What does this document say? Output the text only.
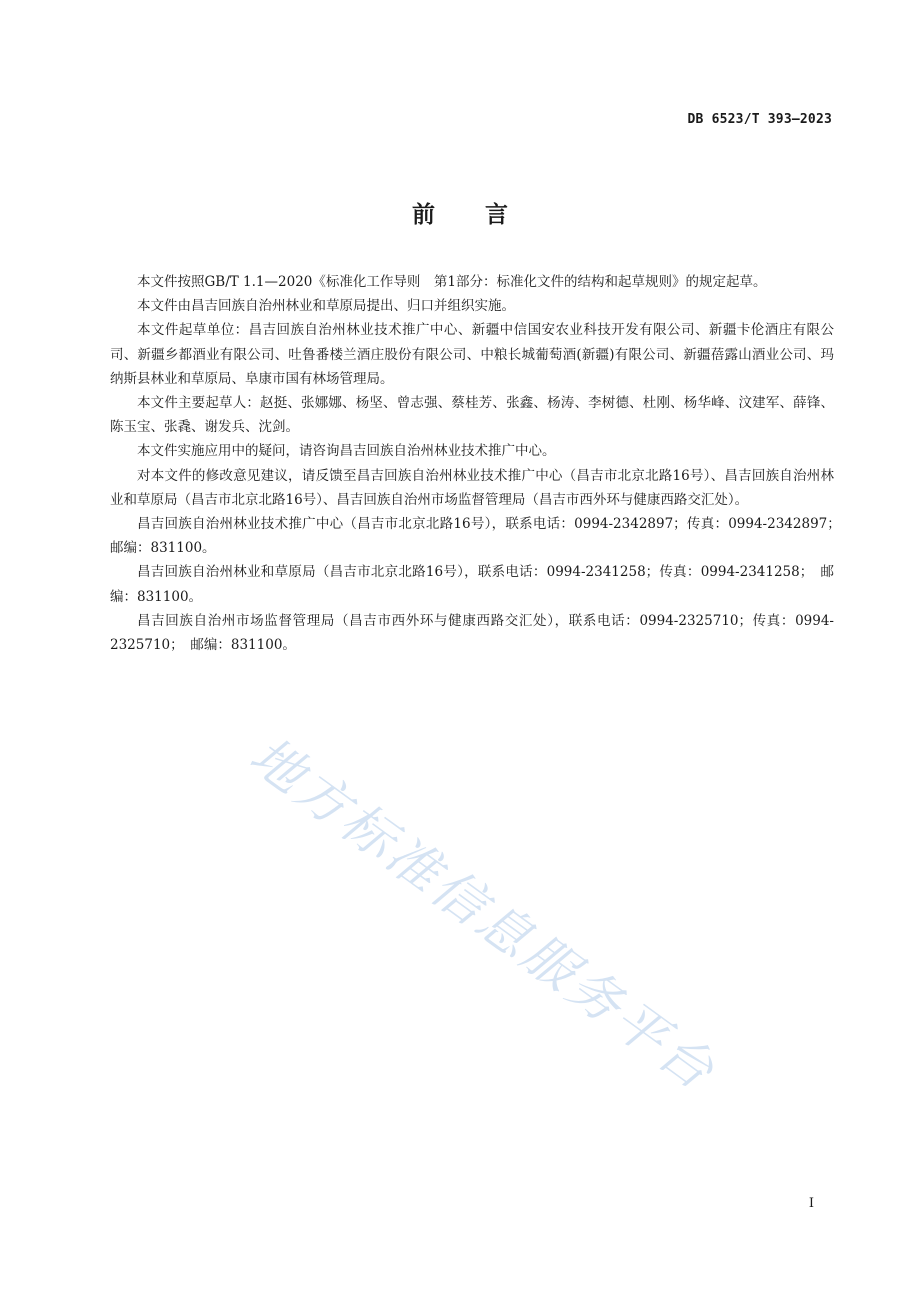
DB 6523/T 393—2023
前言

本文件按照GB/T 1.1—2020《标准化工作导则　第1部分：标准化文件的结构和起草规则》的规定起草。

本文件由昌吉回族自治州林业和草原局提出、归口并组织实施。

本文件起草单位：昌吉回族自治州林业技术推广中心、新疆中信国安农业科技开发有限公司、新疆卡伦酒庄有限公司、新疆乡都酒业有限公司、吐鲁番楼兰酒庄股份有限公司、中粮长城葡萄酒(新疆)有限公司、新疆蓓露山酒业公司、玛纳斯县林业和草原局、阜康市国有林场管理局。

本文件主要起草人：赵挺、张娜娜、杨坚、曾志强、蔡桂芳、张鑫、杨涛、李树德、杜刚、杨华峰、汶建军、薛锋、陈玉宝、张毳、谢发兵、沈剑。

本文件实施应用中的疑问，请咨询昌吉回族自治州林业技术推广中心。

对本文件的修改意见建议，请反馈至昌吉回族自治州林业技术推广中心（昌吉市北京北路16号）、昌吉回族自治州林业和草原局（昌吉市北京北路16号）、昌吉回族自治州市场监督管理局（昌吉市西外环与健康西路交汇处）。

昌吉回族自治州林业技术推广中心（昌吉市北京北路16号），联系电话：0994-2342897；传真：0994-2342897；　邮编：831100。

昌吉回族自治州林业和草原局（昌吉市北京北路16号），联系电话：0994-2341258；传真：0994-2341258；　邮编：831100。

昌吉回族自治州市场监督管理局（昌吉市西外环与健康西路交汇处），联系电话：0994-2325710；传真：0994-2325710；　邮编：831100。

地方标准信息服务平台
I
